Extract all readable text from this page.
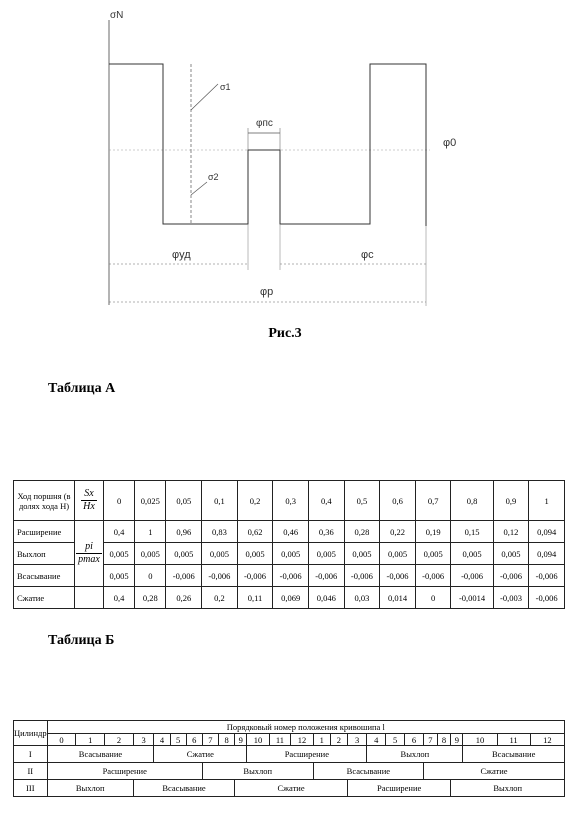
σN
σ1
σ2
φпс
φ0
φуд	φс
φр
Рис.3
Таблица А
Ход поршня (в долях хода H)	$\frac{Sx}{Hx}$	0	0,025	0,05	0,1	0,2	0,3	0,4	0,5	0,6	0,7	0,8	0,9	1
Расширение	$\frac{pi}{pmax}$	0,4	1	0,96	0,83	0,62	0,46	0,36	0,28	0,22	0,19	0,15	0,12	0,094
Выхлоп		0,005	0,005	0,005	0,005	0,005	0,005	0,005	0,005	0,005	0,005	0,005	0,005	0,094
Всасывание		0,005	0	-0,006	-0,006	-0,006	-0,006	-0,006	-0,006	-0,006	-0,006	-0,006	-0,006	-0,006
Сжатие		0,4	0,28	0,26	0,2	0,11	0,069	0,046	0,03	0,014	0	-0,0014	-0,003	-0,006
Таблица Б
Цилиндр	Порядковый номер положения кривошипа l																								
	0	1	2	3	4	5	6	7	8	9	10	11	12	1	2	3	4	5	6	7	8	9	10	11	12
I	Всасывание				Сжатие						Расширение						Выхлоп						Всасывание		
II	Расширение							Выхлоп						Всасывание						Сжатие					
III	Выхлоп			Всасывание						Сжатие						Расширение						Выхлоп			
